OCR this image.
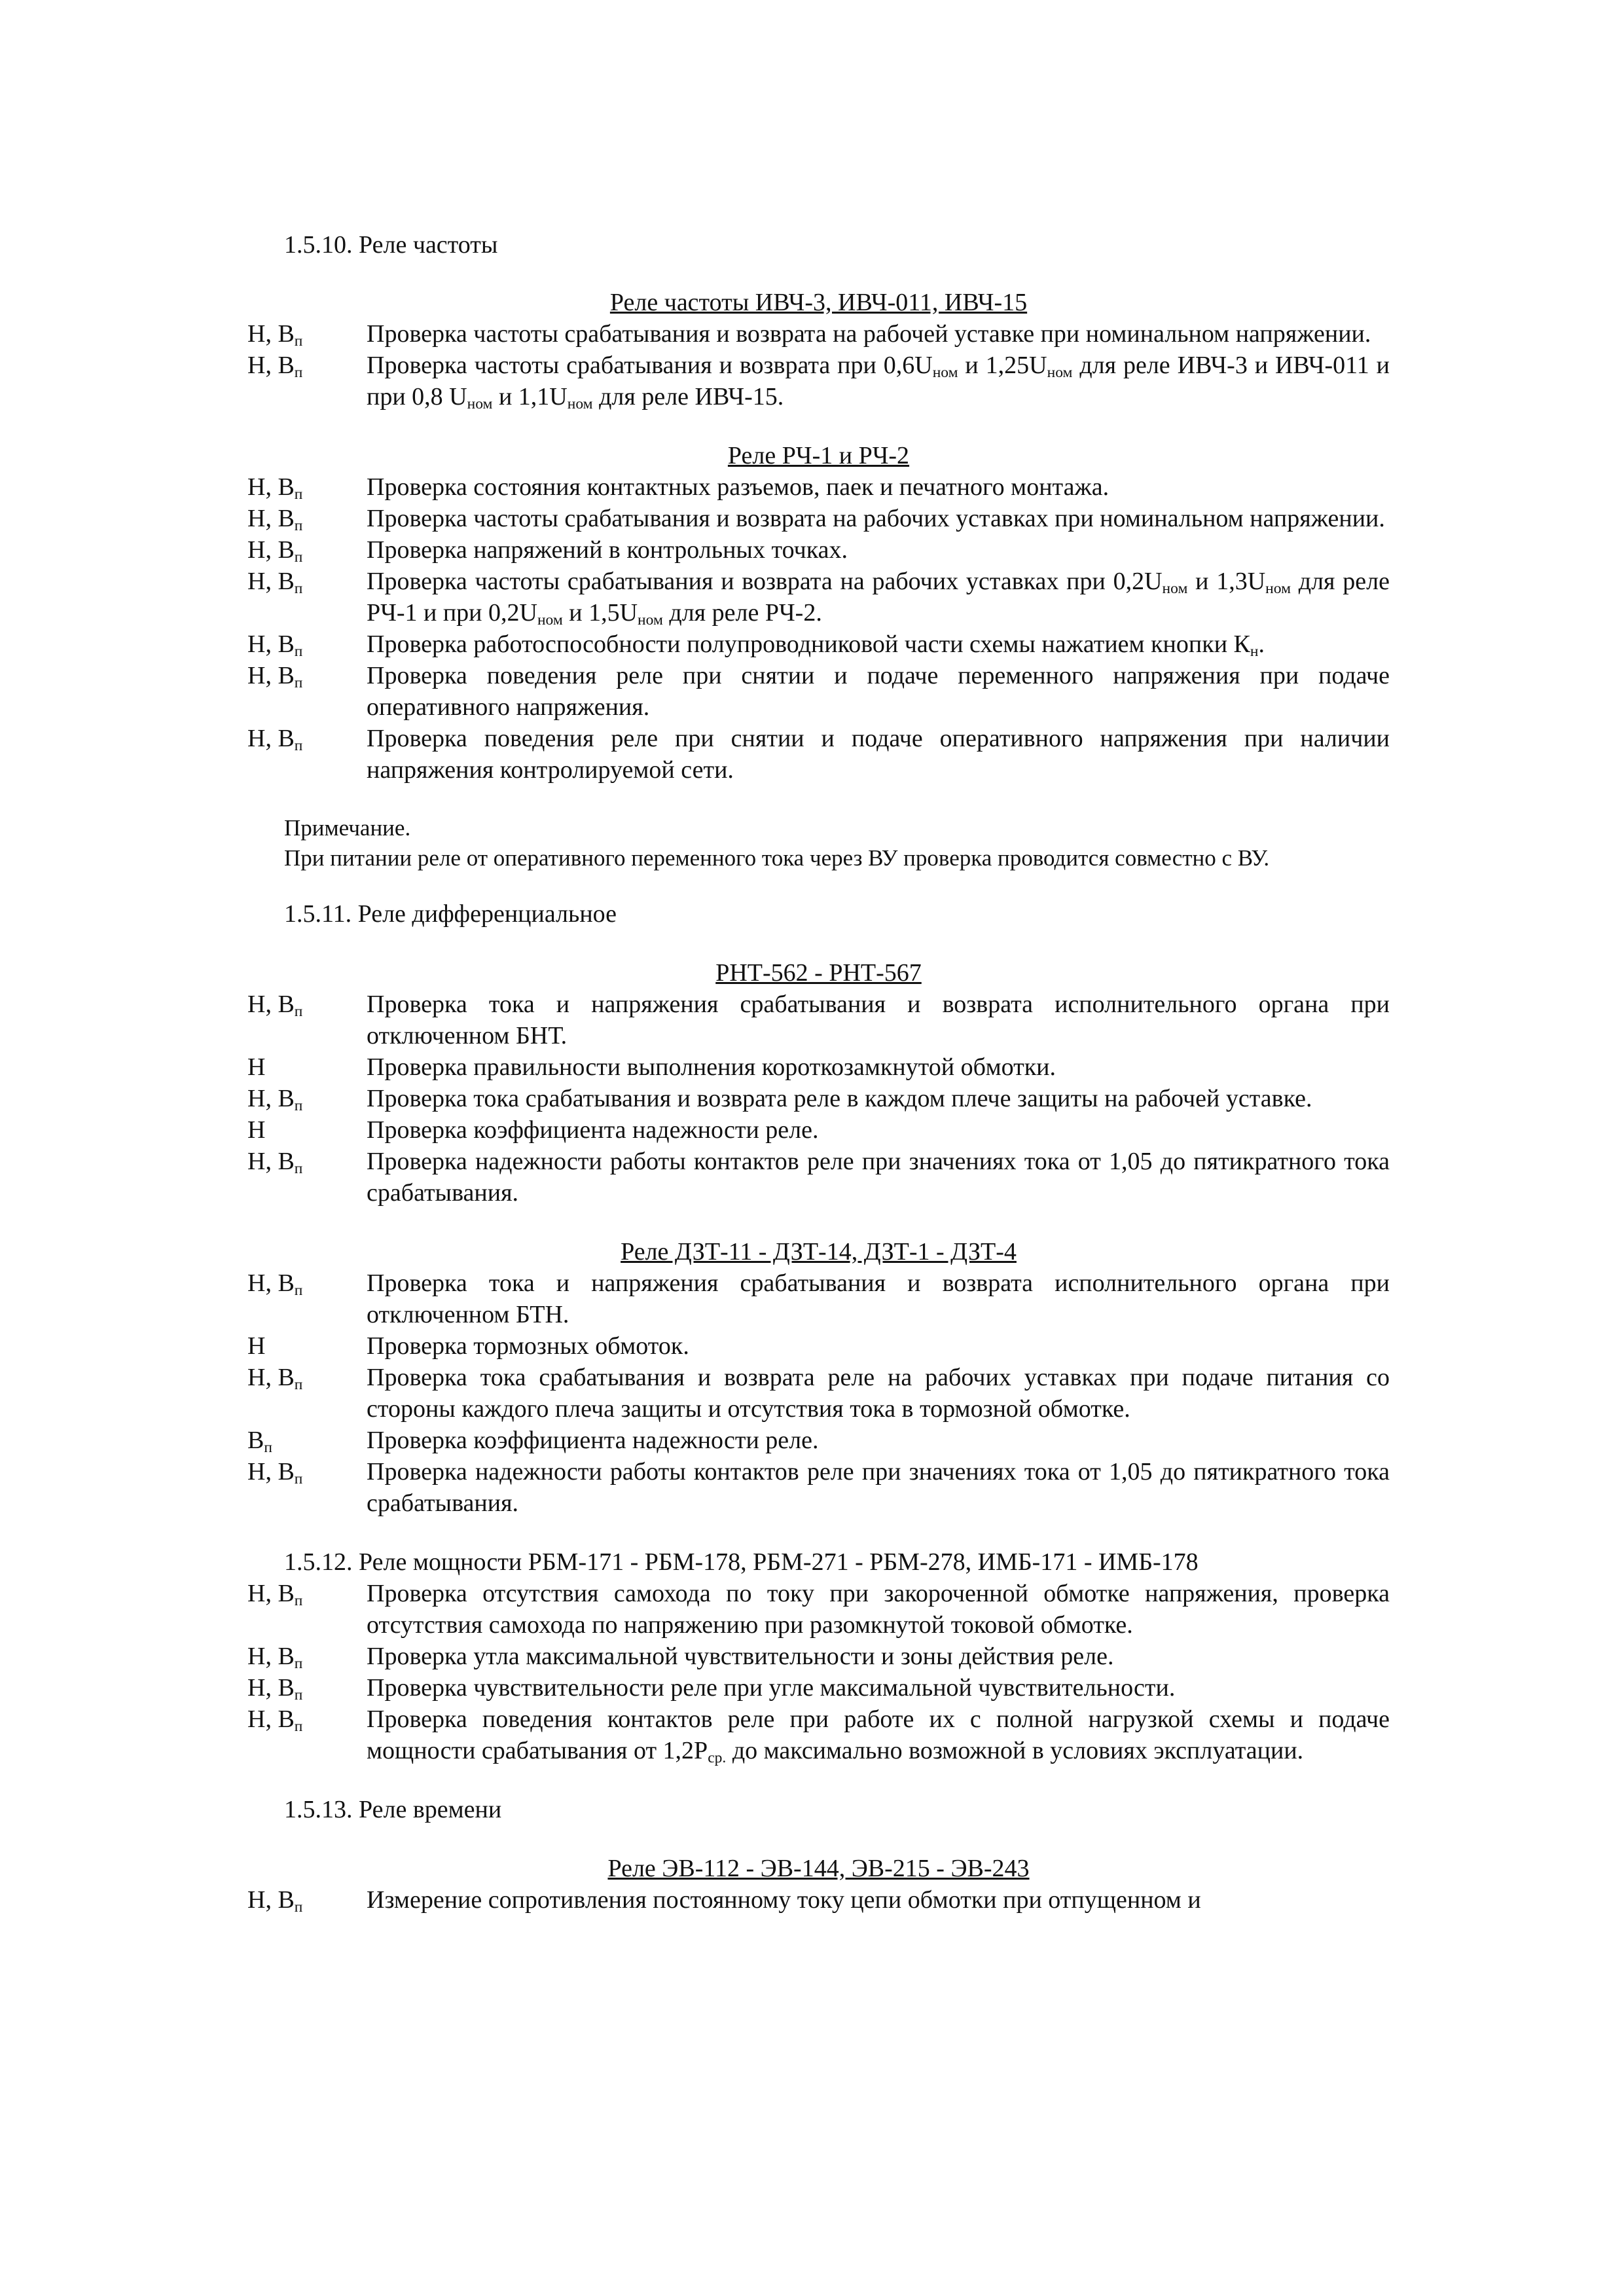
1.5.10. Реле частоты
Реле частоты ИВЧ-3, ИВЧ-011, ИВЧ-15
Н, $В_п$	Проверка частоты срабатывания и возврата на рабочей уставке при номинальном напряжении.
Н, $В_п$	Проверка частоты срабатывания и возврата при $0,6U_{ном}$ и $1,25U_{ном}$ для реле ИВЧ-3 и ИВЧ-011 и при 0,8 $U_{ном}$ и $1,1U_{ном}$ для реле ИВЧ-15.
Реле РЧ-1 и РЧ-2
Н, $В_п$	Проверка состояния контактных разъемов, паек и печатного монтажа.
Н, $В_п$	Проверка частоты срабатывания и возврата на рабочих уставках при номинальном напряжении.
Н, $В_п$	Проверка напряжений в контрольных точках.
Н, $В_п$	Проверка частоты срабатывания и возврата на рабочих уставках при $0,2U_{ном}$ и $1,3U_{ном}$ для реле РЧ-1 и при $0,2U_{ном}$ и $1,5U_{ном}$ для реле РЧ-2.
Н, $В_п$	Проверка работоспособности полупроводниковой части схемы нажатием кнопки $К_н$.
Н, $В_п$	Проверка поведения реле при снятии и подаче переменного напряжения при подаче оперативного напряжения.
Н, $В_п$	Проверка поведения реле при снятии и подаче оперативного напряжения при наличии напряжения контролируемой сети.
Примечание.
При питании реле от оперативного переменного тока через ВУ проверка проводится совместно с ВУ.
1.5.11. Реле дифференциальное
РНТ-562 - РНТ-567
Н, $В_п$	Проверка тока и напряжения срабатывания и возврата исполнительного органа при отключенном БНТ.
Н	Проверка правильности выполнения короткозамкнутой обмотки.
Н, $В_п$	Проверка тока срабатывания и возврата реле в каждом плече защиты на рабочей уставке.
Н	Проверка коэффициента надежности реле.
Н, $В_п$	Проверка надежности работы контактов реле при значениях тока от 1,05 до пятикратного тока срабатывания.
Реле ДЗТ-11 - ДЗТ-14, ДЗТ-1 - ДЗТ-4
Н, $В_п$	Проверка тока и напряжения срабатывания и возврата исполнительного органа при отключенном БТН.
Н	Проверка тормозных обмоток.
Н, $В_п$	Проверка тока срабатывания и возврата реле на рабочих уставках при подаче питания со стороны каждого плеча защиты и отсутствия тока в тормозной обмотке.
$В_п$	Проверка коэффициента надежности реле.
Н, $В_п$	Проверка надежности работы контактов реле при значениях тока от 1,05 до пятикратного тока срабатывания.
1.5.12. Реле мощности РБМ-171 - РБМ-178, РБМ-271 - РБМ-278, ИМБ-171 - ИМБ-178
Н, $В_п$	Проверка отсутствия самохода по току при закороченной обмотке напряжения, проверка отсутствия самохода по напряжению при разомкнутой токовой обмотке.
Н, $В_п$	Проверка утла максимальной чувствительности и зоны действия реле.
Н, $В_п$	Проверка чувствительности реле при угле максимальной чувствительности.
Н, $В_п$	Проверка поведения контактов реле при работе их с полной нагрузкой схемы и подаче мощности срабатывания от $1,2Р_{ср.}$ до максимально возможной в условиях эксплуатации.
1.5.13. Реле времени
Реле ЭВ-112 - ЭВ-144, ЭВ-215 - ЭВ-243
Н, $В_п$	Измерение сопротивления постоянному току цепи обмотки при отпущенном и
